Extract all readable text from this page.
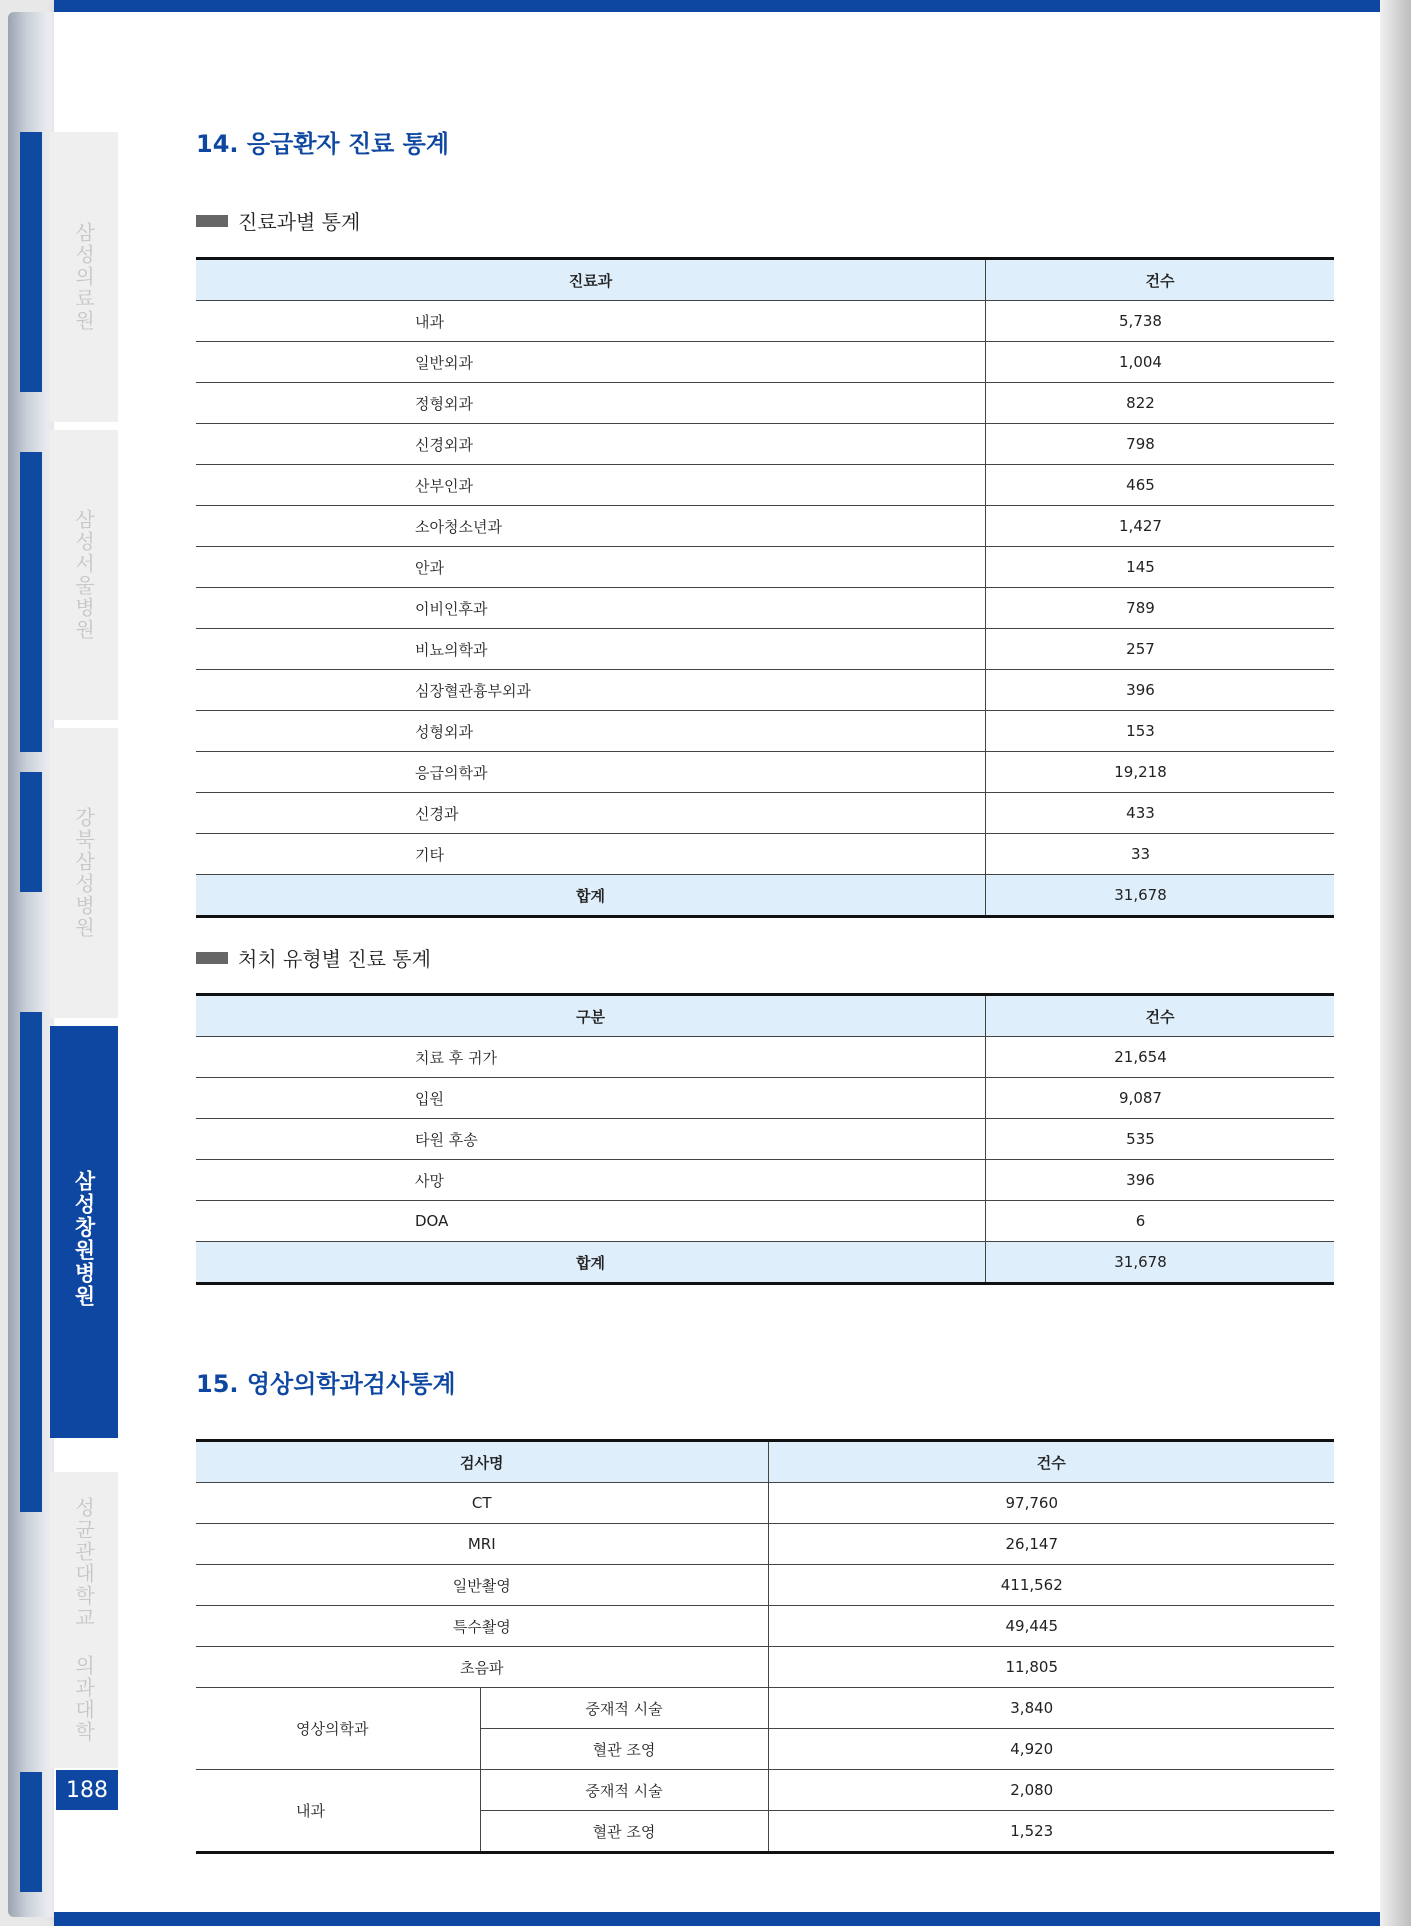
삼성의료원
삼성서울병원
강북삼성병원
삼성창원병원
성균관대학교 의과대학
188
14. 응급환자 진료 통계
진료과별 통계
진료과	건수
내과	5,738
일반외과	1,004
정형외과	822
신경외과	798
산부인과	465
소아청소년과	1,427
안과	145
이비인후과	789
비뇨의학과	257
심장혈관흉부외과	396
성형외과	153
응급의학과	19,218
신경과	433
기타	33
합계	31,678
처치 유형별 진료 통계
구분	건수
치료 후 귀가	21,654
입원	9,087
타원 후송	535
사망	396
DOA	6
합계	31,678
15. 영상의학과검사통계
검사명		건수
CT		97,760
MRI		26,147
일반촬영		411,562
특수촬영		49,445
초음파		11,805
영상의학과	중재적 시술	3,840
	혈관 조영	4,920
내과	중재적 시술	2,080
	혈관 조영	1,523
